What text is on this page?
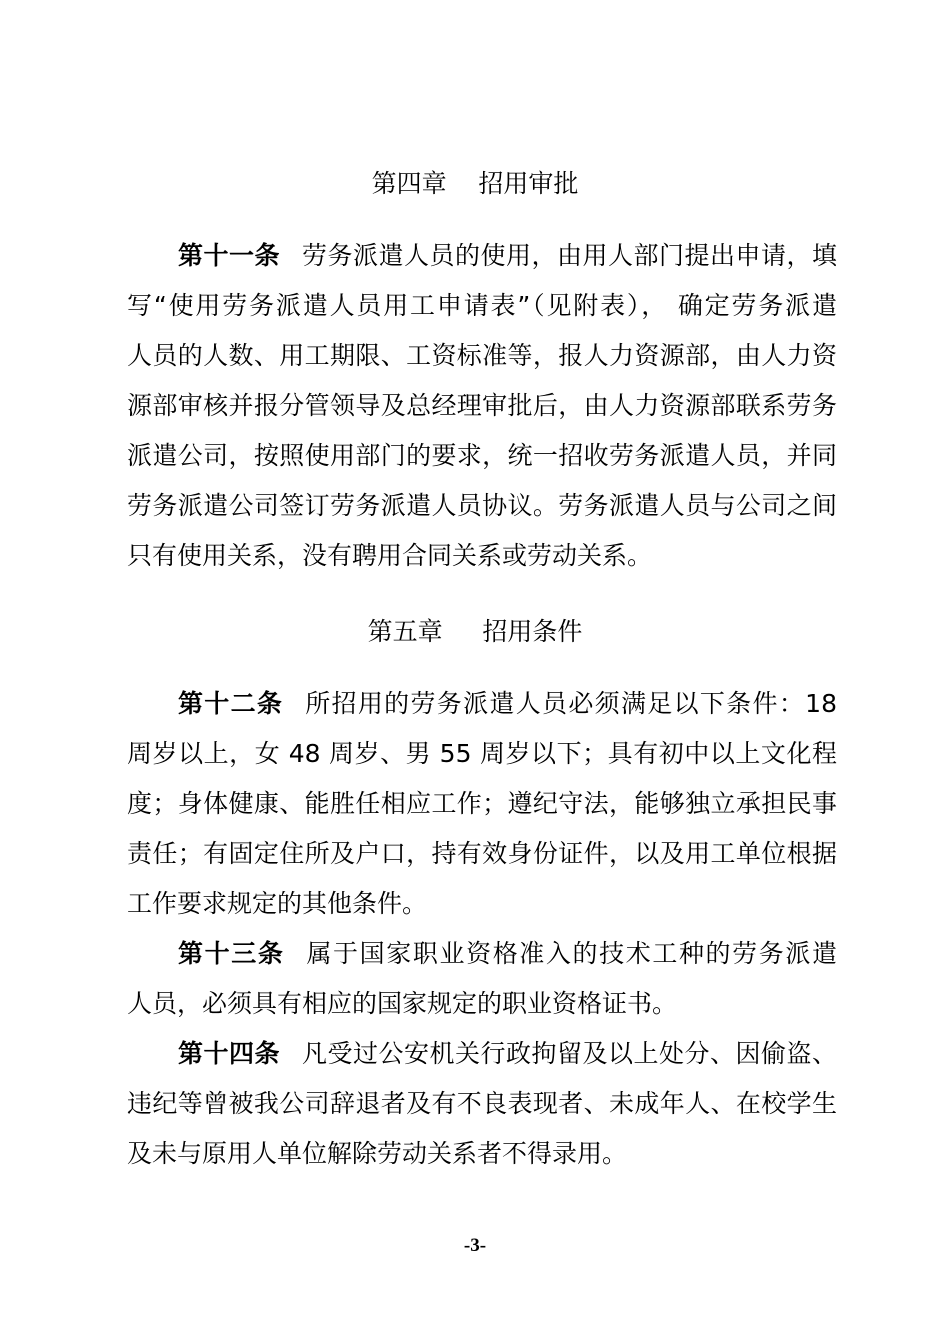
第四章    招用审批
第十一条 劳务派遣人员的使用，由用人部门提出申请，填
写“使用劳务派遣人员用工申请表”（见附表）， 确定劳务派遣
人员的人数、用工期限、工资标准等，报人力资源部，由人力资
源部审核并报分管领导及总经理审批后，由人力资源部联系劳务
派遣公司，按照使用部门的要求，统一招收劳务派遣人员，并同
劳务派遣公司签订劳务派遣人员协议。劳务派遣人员与公司之间
只有使用关系，没有聘用合同关系或劳动关系。
第五章     招用条件
第十二条 所招用的劳务派遣人员必须满足以下条件：18
周岁以上，女 48 周岁、男 55 周岁以下；具有初中以上文化程
度；身体健康、能胜任相应工作；遵纪守法，能够独立承担民事
责任；有固定住所及户口，持有效身份证件，以及用工单位根据
工作要求规定的其他条件。
第十三条 属于国家职业资格准入的技术工种的劳务派遣
人员，必须具有相应的国家规定的职业资格证书。
第十四条 凡受过公安机关行政拘留及以上处分、因偷盗、
违纪等曾被我公司辞退者及有不良表现者、未成年人、在校学生
及未与原用人单位解除劳动关系者不得录用。
-3-
